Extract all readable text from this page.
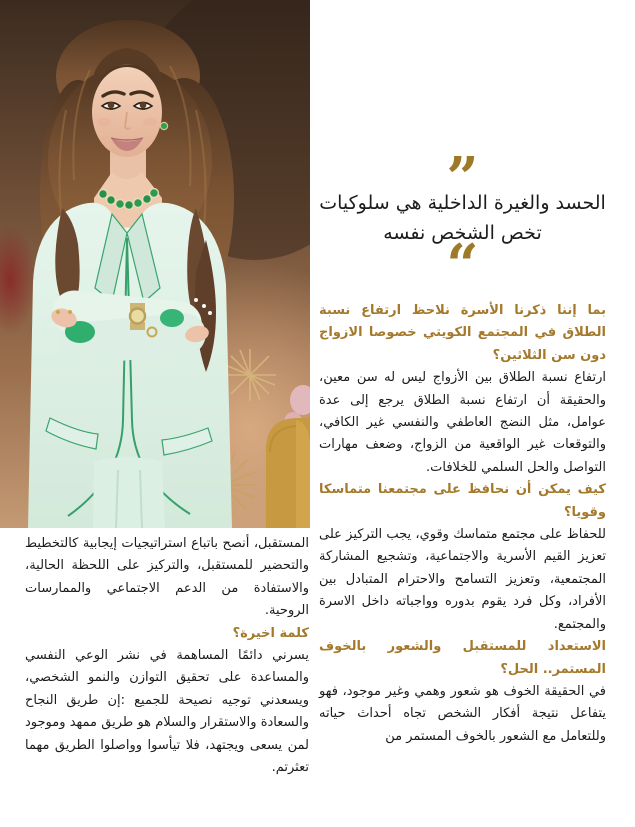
”
الحسد والغيرة الداخلية هي سلوكيات تخص الشخص نفسه
“

بما إننا ذكرنا الأسرة نلاحظ ارتفاع نسبة الطلاق في المجتمع الكويتي خصوصا الازواج دون سن الثلاثين؟

ارتفاع نسبة الطلاق بين الأزواج ليس له سن معين، والحقيقة أن ارتفاع نسبة الطلاق يرجع إلى عدة عوامل، مثل النضج العاطفي والنفسي غير الكافي، والتوقعات غير الواقعية من الزواج، وضعف مهارات التواصل والحل السلمي للخلافات.

كيف يمكن أن نحافظ على مجتمعنا متماسكا وقويا؟

للحفاظ على مجتمع متماسك وقوي، يجب التركيز على تعزيز القيم الأسرية والاجتماعية، وتشجيع المشاركة المجتمعية، وتعزيز التسامح والاحترام المتبادل بين الأفراد، وكل فرد يقوم بدوره وواجباته داخل الاسرة والمجتمع.

الاستعداد للمستقبل والشعور بالخوف المستمر.. الحل؟

في الحقيقة الخوف هو شعور وهمي وغير موجود، فهو يتفاعل نتيجة أفكار الشخص تجاه أحداث حياته وللتعامل مع الشعور بالخوف المستمر من

المستقبل، أنصح باتباع استراتيجيات إيجابية كالتخطيط والتحضير للمستقبل، والتركيز على اللحظة الحالية، والاستفادة من الدعم الاجتماعي والممارسات الروحية.

كلمة اخيرة؟

يسرني دائمًا المساهمة في نشر الوعي النفسي والمساعدة على تحقيق التوازن والنمو الشخصي، ويسعدني توجيه نصيحة للجميع :إن طريق النجاح والسعادة والاستقرار والسلام هو طريق ممهد وموجود لمن يسعى ويجتهد، فلا تيأسوا وواصلوا الطريق مهما تعثرتم.
